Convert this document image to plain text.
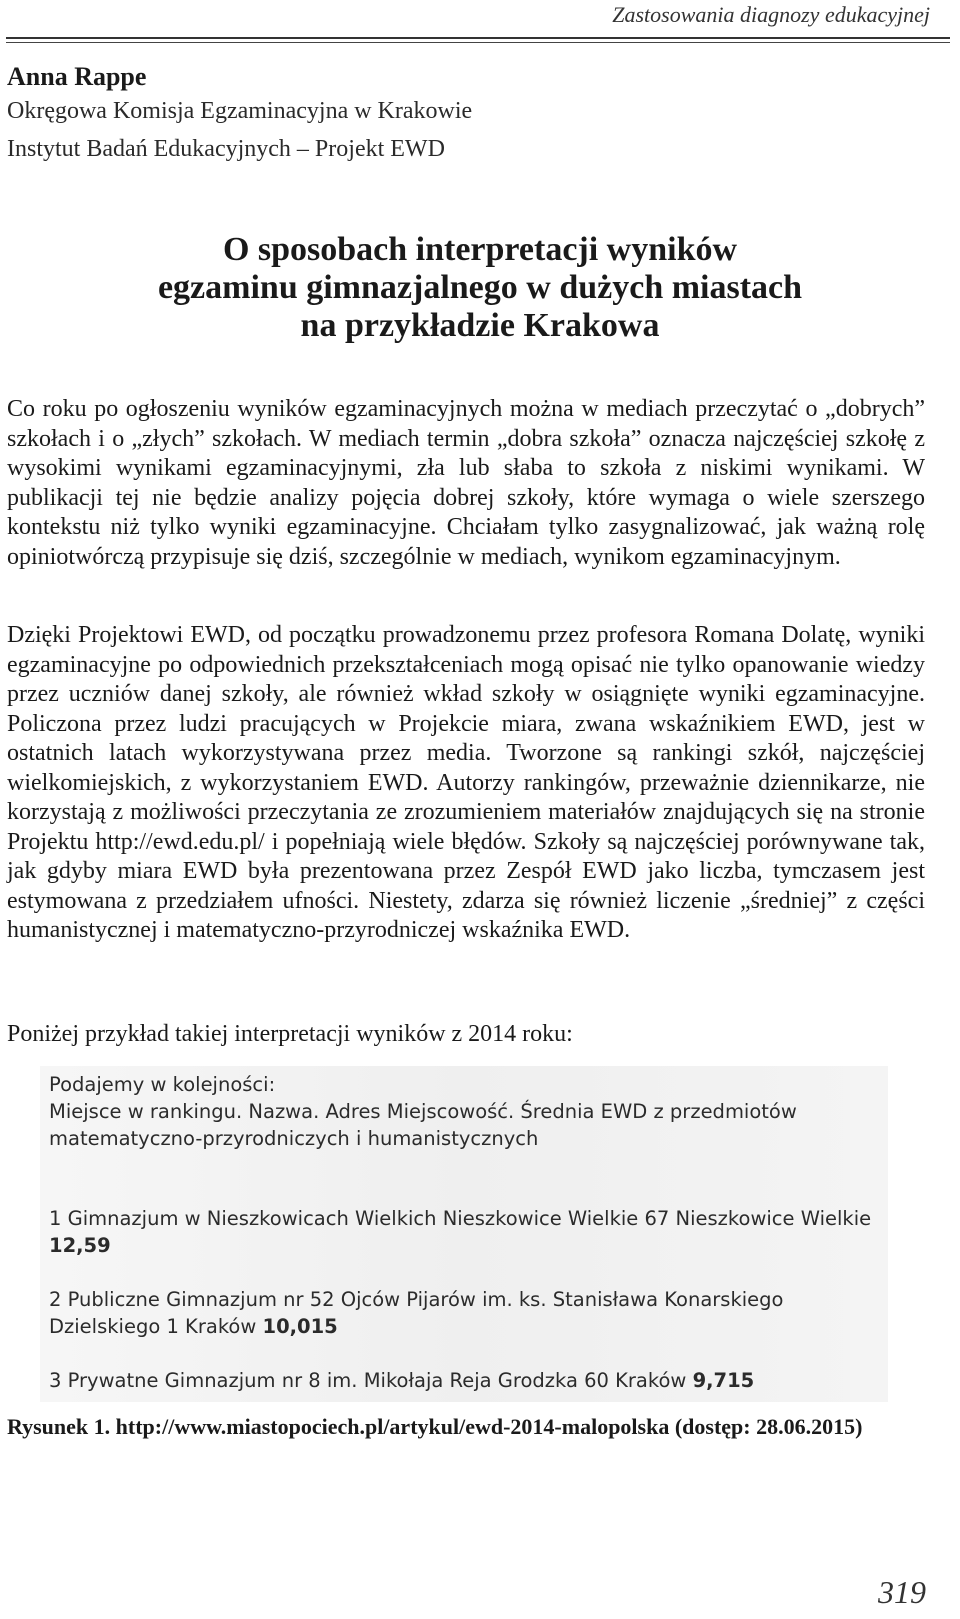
Zastosowania diagnozy edukacyjnej

Anna Rappe

Okręgowa Komisja Egzaminacyjna w Krakowie

Instytut Badań Edukacyjnych – Projekt EWD

O sposobach interpretacji wyników
egzaminu gimnazjalnego w dużych miastach
na przykładzie Krakowa

Co roku po ogłoszeniu wyników egzaminacyjnych można w mediach przeczytać o „dobrych” szkołach i o „złych” szkołach. W mediach termin „dobra szkoła” oznacza najczęściej szkołę z wysokimi wynikami egzaminacyjnymi, zła lub słaba to szkoła z niskimi wynikami. W publikacji tej nie będzie analizy pojęcia dobrej szkoły, które wymaga o wiele szerszego kontekstu niż tylko wyniki egzaminacyjne. Chciałam tylko zasygnalizować, jak ważną rolę opiniotwórczą przypisuje się dziś, szczególnie w mediach, wynikom egzaminacyjnym.

Dzięki Projektowi EWD, od początku prowadzonemu przez profesora Romana Dolatę, wyniki egzaminacyjne po odpowiednich przekształceniach mogą opisać nie tylko opanowanie wiedzy przez uczniów danej szkoły, ale również wkład szkoły w osiągnięte wyniki egzaminacyjne. Policzona przez ludzi pracujących w Projekcie miara, zwana wskaźnikiem EWD, jest w ostatnich latach wykorzystywana przez media. Tworzone są rankingi szkół, najczęściej wielkomiejskich, z wykorzystaniem EWD. Autorzy rankingów, przeważnie dziennikarze, nie korzystają z możliwości przeczytania ze zrozumieniem materiałów znajdujących się na stronie Projektu http://ewd.edu.pl/ i popełniają wiele błędów. Szkoły są najczęściej porównywane tak, jak gdyby miara EWD była prezentowana przez Zespół EWD jako liczba, tymczasem jest estymowana z przedziałem ufności. Niestety, zdarza się również liczenie „średniej” z części humanistycznej i matematyczno-przyrodniczej wskaźnika EWD.

Poniżej przykład takiej interpretacji wyników z 2014 roku:

Podajemy w kolejności:

Miejsce w rankingu. Nazwa. Adres Miejscowość. Średnia EWD z przedmiotów

matematyczno-przyrodniczych i humanistycznych

1 Gimnazjum w Nieszkowicach Wielkich Nieszkowice Wielkie 67 Nieszkowice Wielkie 12,59

2 Publiczne Gimnazjum nr 52 Ojców Pijarów im. ks. Stanisława Konarskiego Dzielskiego 1 Kraków 10,015

3 Prywatne Gimnazjum nr 8 im. Mikołaja Reja Grodzka 60 Kraków 9,715

Rysunek 1. http://www.miastopociech.pl/artykul/ewd-2014-malopolska (dostęp: 28.06.2015)

319
